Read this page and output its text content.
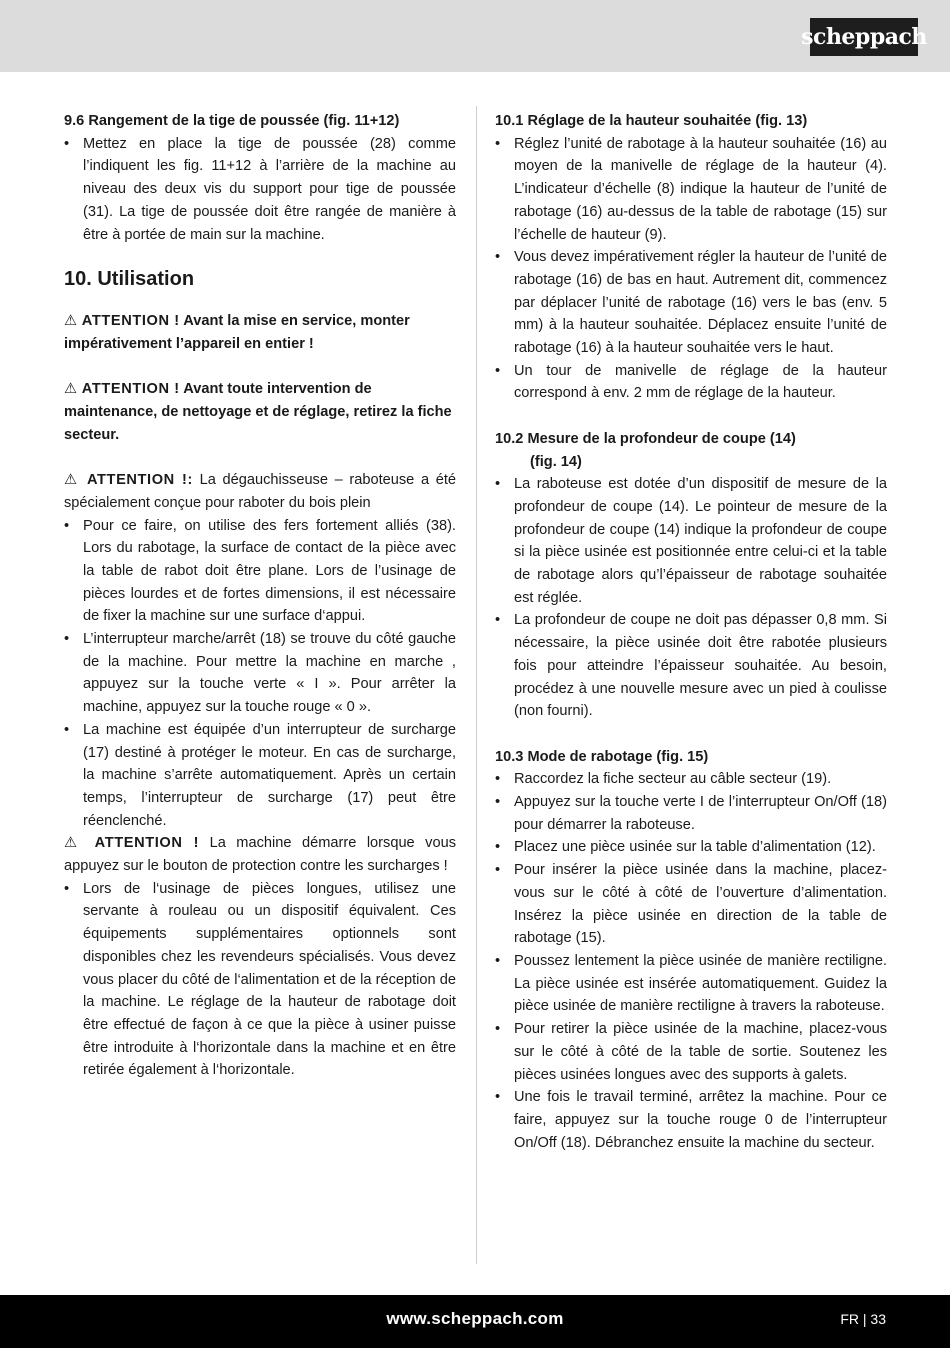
scheppach

9.6 Rangement de la tige de poussée (fig. 11+12)

• Mettez en place la tige de poussée (28) comme l’indiquent les fig. 11+12 à l’arrière de la machine au niveau des deux vis du support pour tige de poussée (31). La tige de poussée doit être rangée de manière à être à portée de main sur la machine.
10. Utilisation

⚠ ATTENTION ! Avant la mise en service, monter impérativement l’appareil en entier !

⚠ ATTENTION ! Avant toute intervention de maintenance, de nettoyage et de réglage, retirez la fiche secteur.

⚠ ATTENTION !: La dégauchisseuse – raboteuse a été spécialement conçue pour raboter du bois plein

• Pour ce faire, on utilise des fers fortement alliés (38). Lors du rabotage, la surface de contact de la pièce avec la table de rabot doit être plane. Lors de l’usinage de pièces lourdes et de fortes dimensions, il est nécessaire de fixer la machine sur une surface d‘appui.
• L’interrupteur marche/arrêt (18) se trouve du côté gauche de la machine. Pour mettre la machine en marche , appuyez sur la touche verte « I ». Pour arrêter la machine, appuyez sur la touche rouge « 0 ».
• La machine est équipée d’un interrupteur de surcharge (17) destiné à protéger le moteur. En cas de surcharge, la machine s’arrête automatiquement. Après un certain temps, l’interrupteur de surcharge (17) peut être réenclenché.

⚠ ATTENTION ! La machine démarre lorsque vous appuyez sur le bouton de protection contre les surcharges !

• Lors de l‘usinage de pièces longues, utilisez une servante à rouleau ou un dispositif équivalent. Ces équipements supplémentaires optionnels sont disponibles chez les revendeurs spécialisés. Vous devez vous placer du côté de l‘alimentation et de la réception de la machine. Le réglage de la hauteur de rabotage doit être effectué de façon à ce que la pièce à usiner puisse être introduite à l‘horizontale dans la machine et en être retirée également à l‘horizontale.

10.1 Réglage de la hauteur souhaitée (fig. 13)

• Réglez l’unité de rabotage à la hauteur souhaitée (16) au moyen de la manivelle de réglage de la hauteur (4). L’indicateur d’échelle (8) indique la hauteur de l’unité de rabotage (16) au-dessus de la table de rabotage (15) sur l’échelle de hauteur (9).
• Vous devez impérativement régler la hauteur de l’unité de rabotage (16) de bas en haut. Autrement dit, commencez par déplacer l’unité de rabotage (16) vers le bas (env. 5 mm) à la hauteur souhaitée. Déplacez ensuite l’unité de rabotage (16) à la hauteur souhaitée vers le haut.
• Un tour de manivelle de réglage de la hauteur correspond à env. 2 mm de réglage de la hauteur.

10.2 Mesure de la profondeur de coupe (14)

(fig. 14)

• La raboteuse est dotée d’un dispositif de mesure de la profondeur de coupe (14). Le pointeur de mesure de la profondeur de coupe (14) indique la profondeur de coupe si la pièce usinée est positionnée entre celui-ci et la table de rabotage alors qu’l’épaisseur de rabotage souhaitée est réglée.
• La profondeur de coupe ne doit pas dépasser 0,8 mm. Si nécessaire, la pièce usinée doit être rabotée plusieurs fois pour atteindre l’épaisseur souhaitée. Au besoin, procédez à une nouvelle mesure avec un pied à coulisse (non fourni).

10.3 Mode de rabotage (fig. 15)

• Raccordez la fiche secteur au câble secteur (19).
• Appuyez sur la touche verte I de l’interrupteur On/Off (18) pour démarrer la raboteuse.
• Placez une pièce usinée sur la table d’alimentation (12).
• Pour insérer la pièce usinée dans la machine, placez-vous sur le côté à côté de l’ouverture d’alimentation. Insérez la pièce usinée en direction de la table de rabotage (15).
• Poussez lentement la pièce usinée de manière rectiligne. La pièce usinée est insérée automatiquement. Guidez la pièce usinée de manière rectiligne à travers la raboteuse.
• Pour retirer la pièce usinée de la machine, placez-vous sur le côté à côté de la table de sortie. Soutenez les pièces usinées longues avec des supports à galets.
• Une fois le travail terminé, arrêtez la machine. Pour ce faire, appuyez sur la touche rouge 0 de l’interrupteur On/Off (18). Débranchez ensuite la machine du secteur.
www.scheppach.com	FR | 33
